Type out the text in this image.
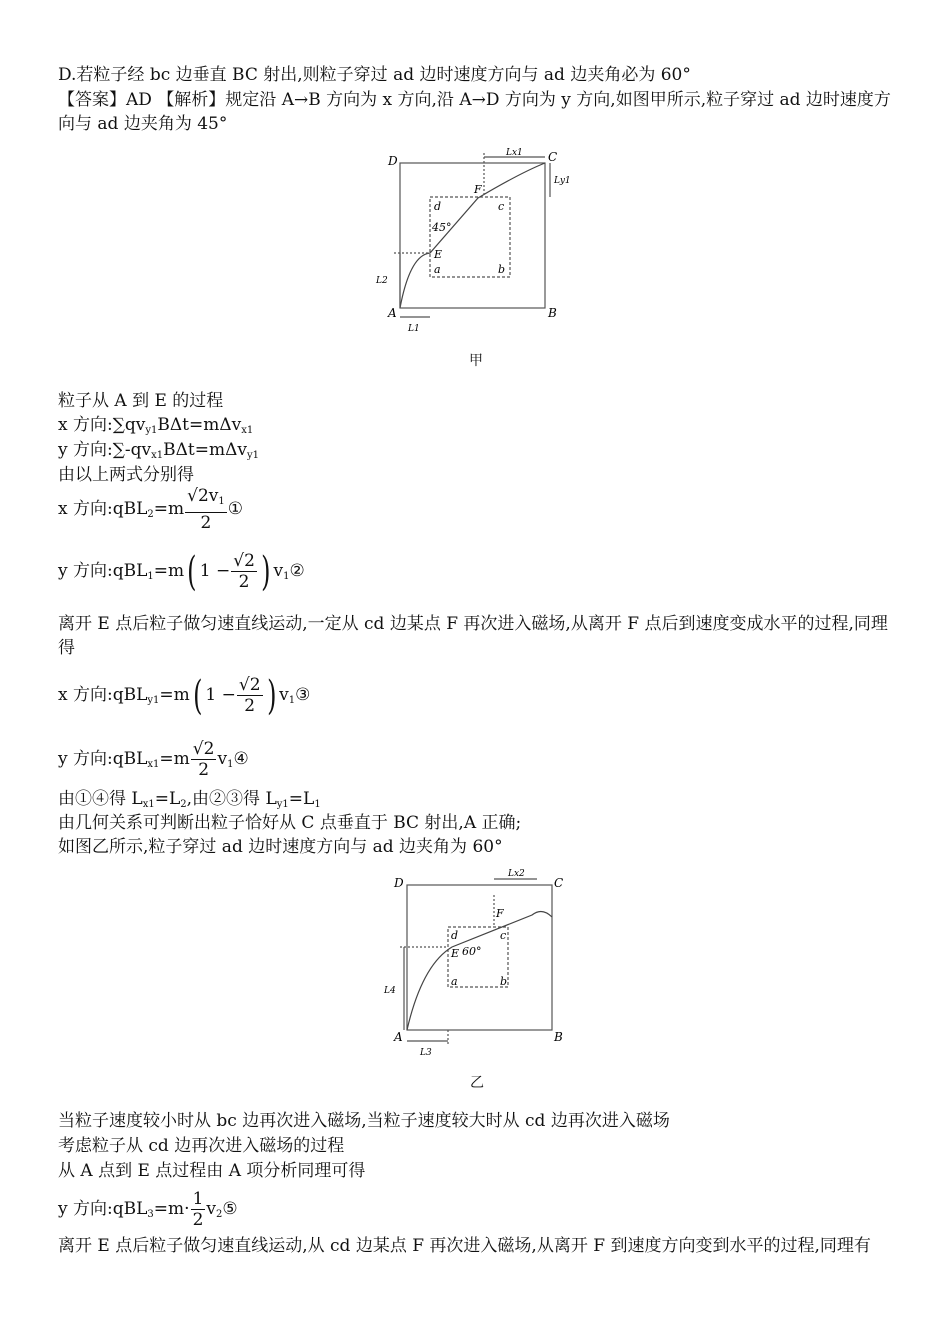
D.若粒子经 bc 边垂直 BC 射出,则粒子穿过 ad 边时速度方向与 ad 边夹角必为 60°
【答案】AD 【解析】规定沿 A→B 方向为 x 方向,沿 A→D 方向为 y 方向,如图甲所示,粒子穿过 ad 边时速度方向与 ad 边夹角为 45°
D	C
A	B
d	c
a	b
E
F
45°
Lx1
Ly1
L2
L1
甲
粒子从 A 到 E 的过程
x 方向$:\sum qv_{y1}B\Delta t=m\Delta v_{x1}$
y 方向$:\sum-qv_{x1}B\Delta t=m\Delta v_{y1}$
由以上两式分别得
x 方向:qBL$_2$=m $\frac{√2v_1}{2}$ ①
y 方向:qBL$_1$=m( $1 - \frac{√2}{2}$ ) $v_1②$
离开 E 点后粒子做匀速直线运动,一定从 cd 边某点 F 再次进入磁场,从离开 F 点后到速度变成水平的过程,同理得
x 方向:qBL$_{y1}$=m( $1 - \frac{√2}{2}$ ) $v_1③$
y 方向:qBL$_{x1}$=m $\frac{√2}{2}$ $v_1④$
由①④得 $L_{x1}=L_2$,由②③得 $L_{y1}=L_1$
由几何关系可判断出粒子恰好从 C 点垂直于 BC 射出,A 正确;
如图乙所示,粒子穿过 ad 边时速度方向与 ad 边夹角为 60°
D	C
A	B
d	c
a	b
E
F
60°
Lx2
L4
L3
乙
当粒子速度较小时从 bc 边再次进入磁场,当粒子速度较大时从 cd 边再次进入磁场
考虑粒子从 cd 边再次进入磁场的过程
从 A 点到 E 点过程由 A 项分析同理可得
y 方向:qBL$_3$=m· $\frac{1}{2}$ $v_2⑤$
离开 E 点后粒子做匀速直线运动,从 cd 边某点 F 再次进入磁场,从离开 F 到速度方向变到水平的过程,同理有
